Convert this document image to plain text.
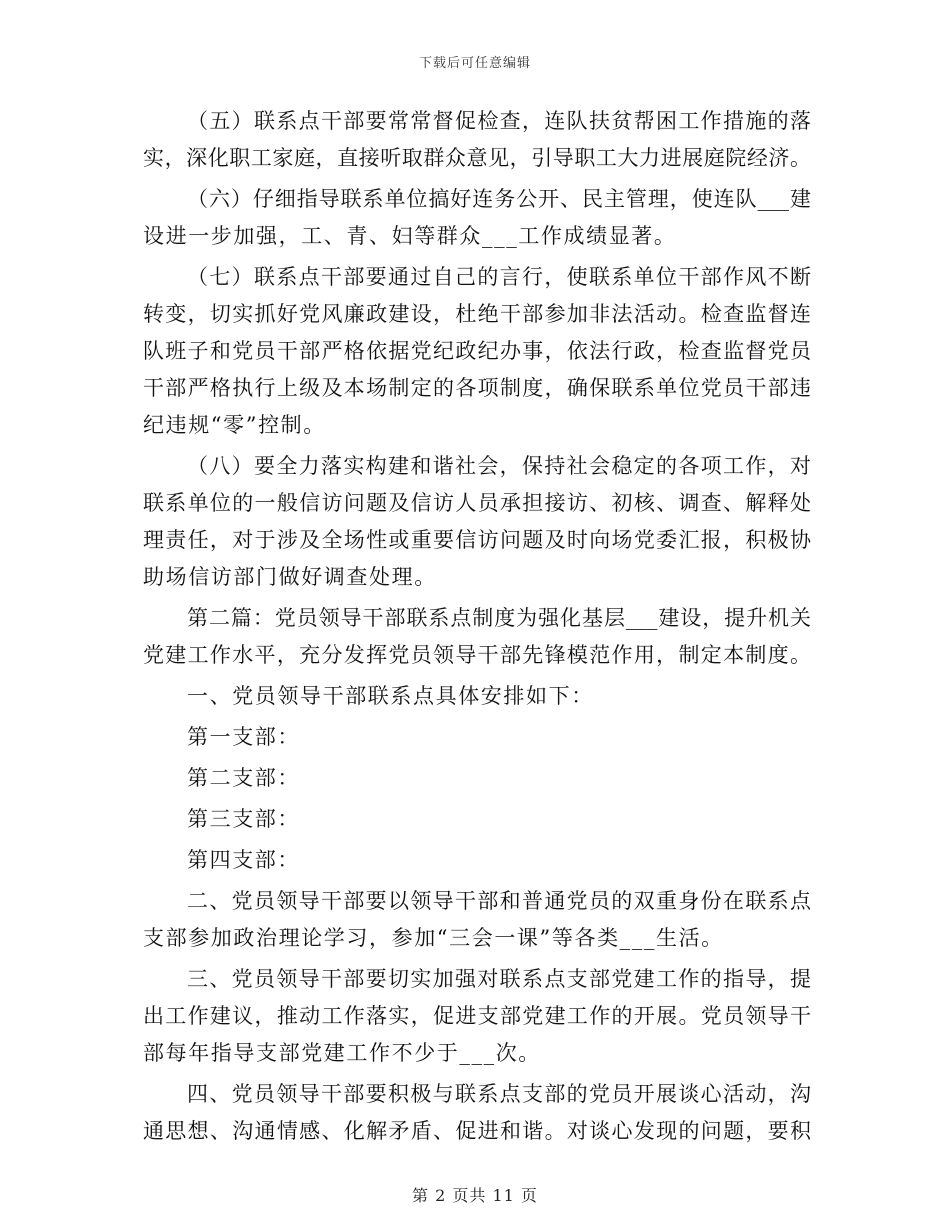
下载后可任意编辑
（五）联系点干部要常常督促检查，连队扶贫帮困工作措施的落
实，深化职工家庭，直接听取群众意见，引导职工大力进展庭院经济。
（六）仔细指导联系单位搞好连务公开、民主管理，使连队___建
设进一步加强，工、青、妇等群众___工作成绩显著。
（七）联系点干部要通过自己的言行，使联系单位干部作风不断
转变，切实抓好党风廉政建设，杜绝干部参加非法活动。检查监督连
队班子和党员干部严格依据党纪政纪办事，依法行政，检查监督党员
干部严格执行上级及本场制定的各项制度，确保联系单位党员干部违
纪违规“零”控制。
（八）要全力落实构建和谐社会，保持社会稳定的各项工作，对
联系单位的一般信访问题及信访人员承担接访、初核、调查、解释处
理责任，对于涉及全场性或重要信访问题及时向场党委汇报，积极协
助场信访部门做好调查处理。
第二篇：党员领导干部联系点制度为强化基层___建设，提升机关
党建工作水平，充分发挥党员领导干部先锋模范作用，制定本制度。
一、党员领导干部联系点具体安排如下：
第一支部：
第二支部：
第三支部：
第四支部：
二、党员领导干部要以领导干部和普通党员的双重身份在联系点
支部参加政治理论学习，参加“三会一课”等各类___生活。
三、党员领导干部要切实加强对联系点支部党建工作的指导，提
出工作建议，推动工作落实，促进支部党建工作的开展。党员领导干
部每年指导支部党建工作不少于___次。
四、党员领导干部要积极与联系点支部的党员开展谈心活动，沟
通思想、沟通情感、化解矛盾、促进和谐。对谈心发现的问题，要积
第 2 页共 11 页
